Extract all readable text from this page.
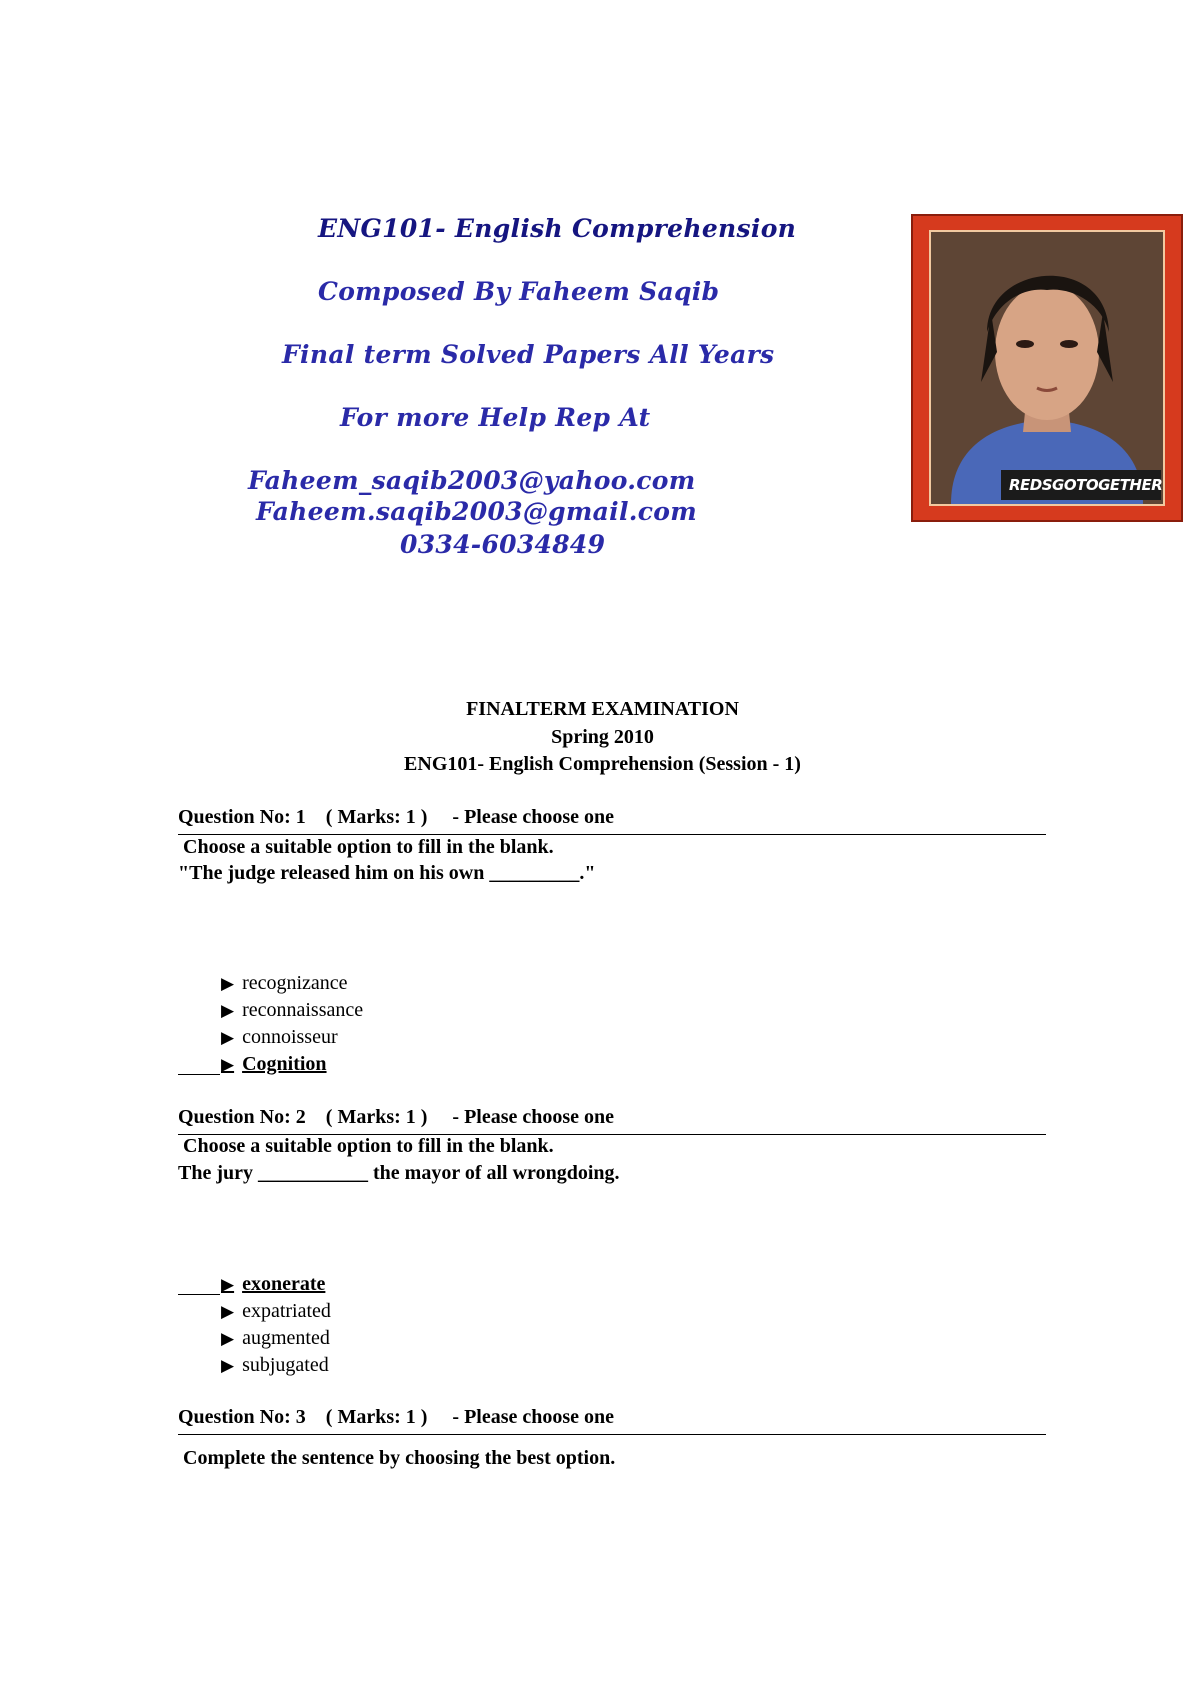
ENG101- English Comprehension
Composed By Faheem Saqib
Final term Solved Papers All Years
For more Help Rep At
Faheem_saqib2003@yahoo.com
Faheem.saqib2003@gmail.com
0334-6034849
REDSGOTOGETHER
FINALTERM EXAMINATION
Spring 2010
ENG101- English Comprehension (Session - 1)
Question No: 1    ( Marks: 1 )     - Please choose one
Choose a suitable option to fill in the blank.
"The judge released him on his own _________."
▶ recognizance
▶ reconnaissance
▶ connoisseur
▶ Cognition
Question No: 2    ( Marks: 1 )     - Please choose one
Choose a suitable option to fill in the blank.
The jury ___________ the mayor of all wrongdoing.
▶ exonerate
▶ expatriated
▶ augmented
▶ subjugated
Question No: 3    ( Marks: 1 )     - Please choose one
Complete the sentence by choosing the best option.
